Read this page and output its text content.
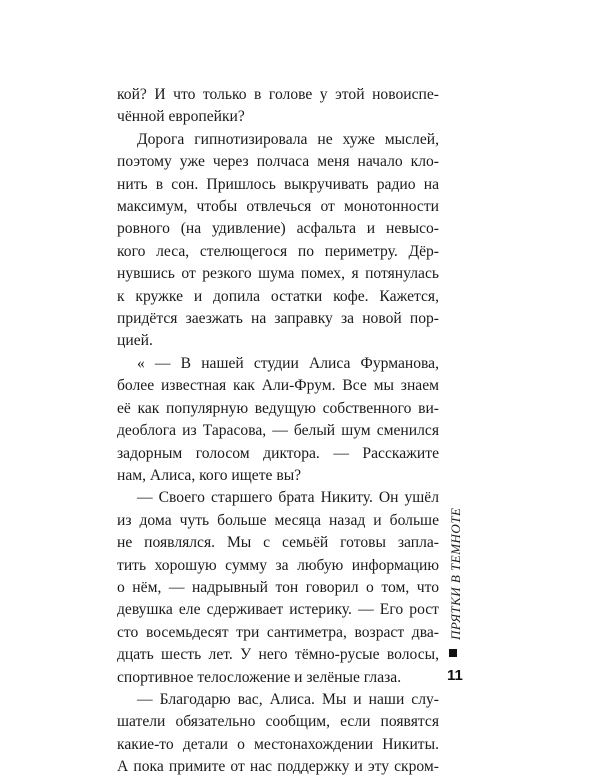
кой? И что только в голове у этой новоиспе-
чённой европейки?

Дорога гипнотизировала не хуже мыслей,
поэтому уже через полчаса меня начало кло-
нить в сон. Пришлось выкручивать радио на
максимум, чтобы отвлечься от монотонности
ровного (на удивление) асфальта и невысо-
кого леса, стелющегося по периметру. Дёр-
нувшись от резкого шума помех, я потянулась
к кружке и допила остатки кофе. Кажется,
придётся заезжать на заправку за новой пор-
цией.

« — В нашей студии Алиса Фурманова,
более известная как Али-Фрум. Все мы знаем
её как популярную ведущую собственного ви-
деоблога из Тарасова, — белый шум сменился
задорным голосом диктора. — Расскажите
нам, Алиса, кого ищете вы?

— Своего старшего брата Никиту. Он ушёл
из дома чуть больше месяца назад и больше
не появлялся. Мы с семьёй готовы запла-
тить хорошую сумму за любую информацию
о нём, — надрывный тон говорил о том, что
девушка еле сдерживает истерику. — Его рост
сто восемьдесят три сантиметра, возраст два-
дцать шесть лет. У него тёмно-русые волосы,
спортивное телосложение и зелёные глаза.

— Благодарю вас, Алиса. Мы и наши слу-
шатели обязательно сообщим, если появятся
какие-то детали о местонахождении Никиты.
А пока примите от нас поддержку и эту скром-

ПРЯТКИ В ТЕМНОТЕ
11
